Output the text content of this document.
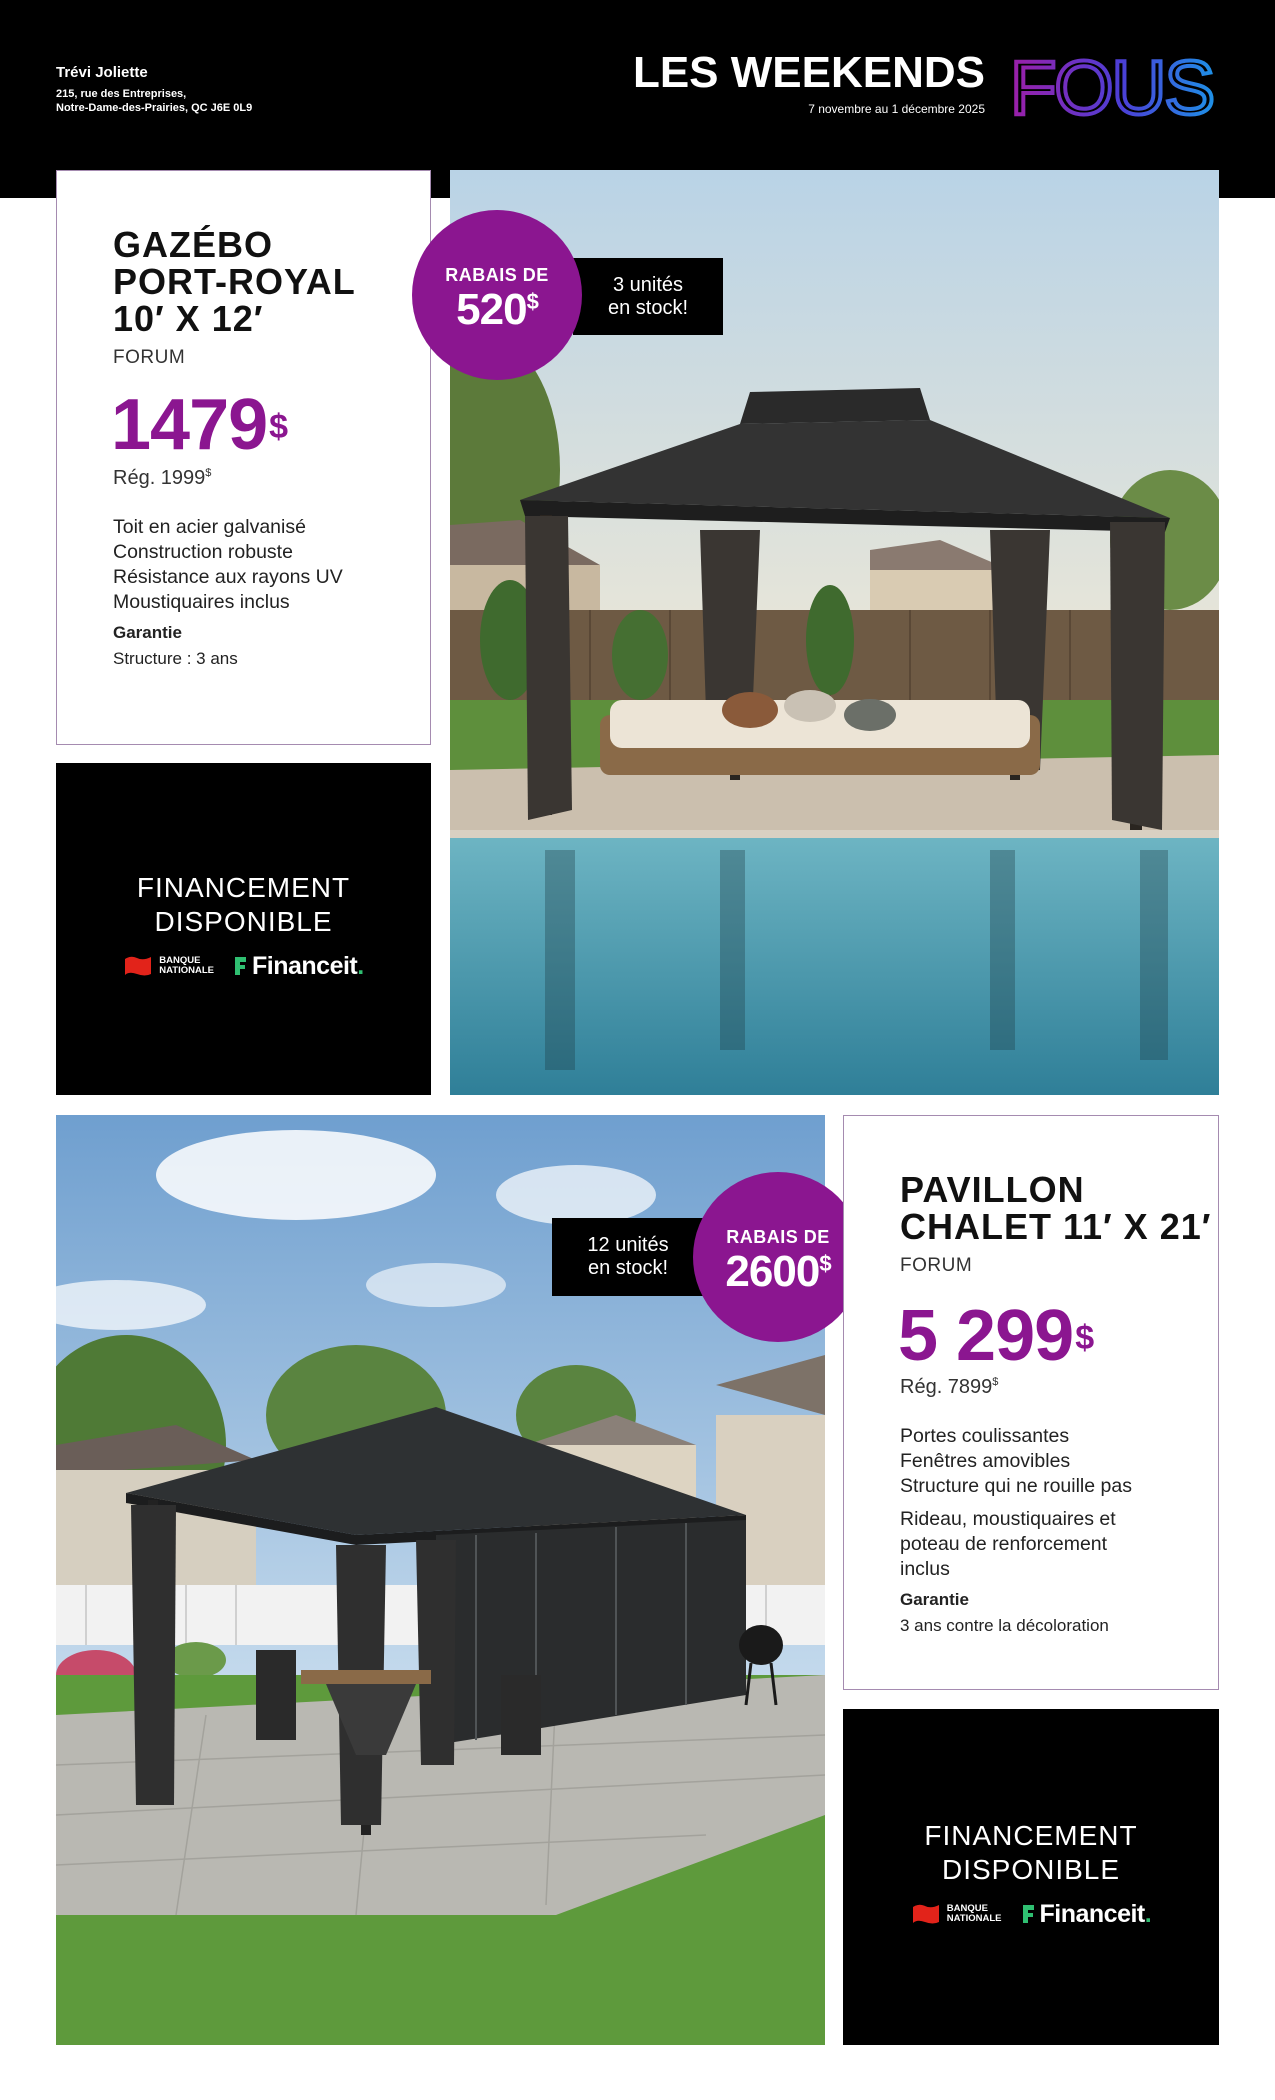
Trévi Joliette
215, rue des Entreprises,
Notre-Dame-des-Prairies, QC J6E 0L9
LES WEEKENDS
7 novembre au 1 décembre 2025 FOUS
GAZÉBO
PORT-ROYAL
10′ X 12′
FORUM
1479$
Rég. 1999$
Toit en acier galvanisé
Construction robuste
Résistance aux rayons UV
Moustiquaires inclus
Garantie
Structure : 3 ans
FINANCEMENT
DISPONIBLE
BANQUE
NATIONALE Financeit.
3 unités
en stock!
RABAIS DE
520$
12 unités
en stock!
RABAIS DE
2600$
PAVILLON
CHALET 11′ X 21′
FORUM
5 299$
Rég. 7899$
Portes coulissantes
Fenêtres amovibles
Structure qui ne rouille pas
Rideau, moustiquaires et
poteau de renforcement
inclus
Garantie
3 ans contre la décoloration
FINANCEMENT
DISPONIBLE
BANQUE
NATIONALE Financeit.
